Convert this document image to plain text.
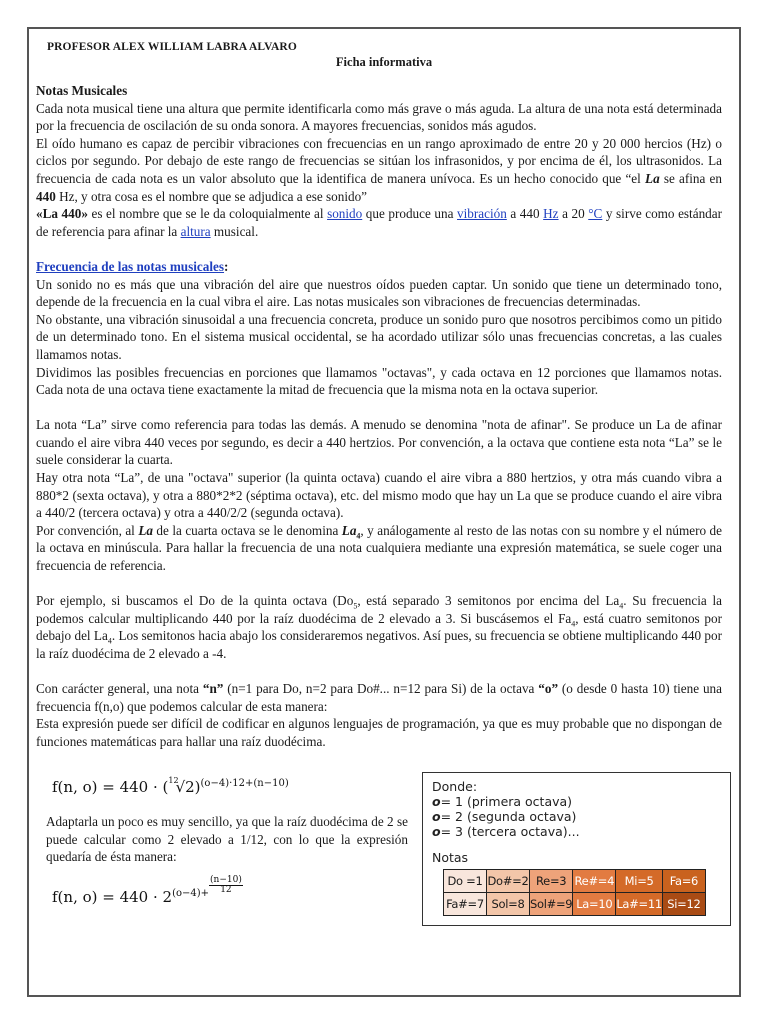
PROFESOR ALEX WILLIAM LABRA ALVARO
Ficha informativa
Notas Musicales

Cada nota musical tiene una altura que permite identificarla como más grave o más aguda. La altura de una nota está determinada por la frecuencia de oscilación de su onda sonora. A mayores frecuencias, sonidos más agudos.

El oído humano es capaz de percibir vibraciones con frecuencias en un rango aproximado de entre 20 y 20 000 hercios (Hz) o ciclos por segundo. Por debajo de este rango de frecuencias se sitúan los infrasonidos, y por encima de él, los ultrasonidos. La frecuencia de cada nota es un valor absoluto que la identifica de manera unívoca. Es un hecho conocido que “el La se afina en 440 Hz, y otra cosa es el nombre que se adjudica a ese sonido”

«La 440» es el nombre que se le da coloquialmente al sonido que produce una vibración a 440 Hz a 20 °C y sirve como estándar de referencia para afinar la altura musical.

Frecuencia de las notas musicales:

Un sonido no es más que una vibración del aire que nuestros oídos pueden captar. Un sonido que tiene un determinado tono, depende de la frecuencia en la cual vibra el aire. Las notas musicales son vibraciones de frecuencias determinadas.

No obstante, una vibración sinusoidal a una frecuencia concreta, produce un sonido puro que nosotros percibimos como un pitido de un determinado tono. En el sistema musical occidental, se ha acordado utilizar sólo unas frecuencias concretas, a las cuales llamamos notas.

Dividimos las posibles frecuencias en porciones que llamamos "octavas", y cada octava en 12 porciones que llamamos notas. Cada nota de una octava tiene exactamente la mitad de frecuencia que la misma nota en la octava superior.

La nota “La” sirve como referencia para todas las demás. A menudo se denomina "nota de afinar". Se produce un La de afinar cuando el aire vibra 440 veces por segundo, es decir a 440 hertzios. Por convención, a la octava que contiene esta nota “La” se le suele considerar la cuarta.

Hay otra nota “La”, de una "octava" superior (la quinta octava) cuando el aire vibra a 880 hertzios, y otra más cuando vibra a 880*2 (sexta octava), y otra a 880*2*2 (séptima octava), etc. del mismo modo que hay un La que se produce cuando el aire vibra a 440/2 (tercera octava) y otra a 440/2/2 (segunda octava).

Por convención, al La de la cuarta octava se le denomina $La_4$, y análogamente al resto de las notas con su nombre y el número de la octava en minúscula. Para hallar la frecuencia de una nota cualquiera mediante una expresión matemática, se suele coger una frecuencia de referencia.

Por ejemplo, si buscamos el Do de la quinta octava ($Do_5$, está separado 3 semitonos por encima del $La_4$. Su frecuencia la podemos calcular multiplicando 440 por la raíz duodécima de 2 elevado a 3. Si buscásemos el $Fa_4$, está cuatro semitonos por debajo del $La_4$. Los semitonos hacia abajo los consideraremos negativos. Así pues, su frecuencia se obtiene multiplicando 440 por la raíz duodécima de 2 elevado a -4.

Con carácter general, una nota “n” (n=1 para Do, n=2 para Do#... n=12 para Si) de la octava “o” (o desde 0 hasta 10) tiene una frecuencia f(n,o) que podemos calcular de esta manera:

Esta expresión puede ser difícil de codificar en algunos lenguajes de programación, ya que es muy probable que no dispongan de funciones matemáticas para hallar una raíz duodécima.

f(n, $o) = 440 \cdot (^{12}√2)^{(o-4)\cdot 12+(n-10)}$
Adaptarla un poco es muy sencillo, ya que la raíz duodécima de 2 se puede calcular como 2 elevado a 1/12, con lo que la expresión quedaría de ésta manera:
f(n, $o) = 440 \cdot 2^{(o-4)+ \frac{(n-10)}{12}}$
Donde:
o= 1 (primera octava)
o= 2 (segunda octava)
o= 3 (tercera octava)...
Notas
Do =1	Do#=2	Re=3	Re#=4	Mi=5	Fa=6
Fa#=7	Sol=8	Sol#=9	La=10	La#=11	Si=12
